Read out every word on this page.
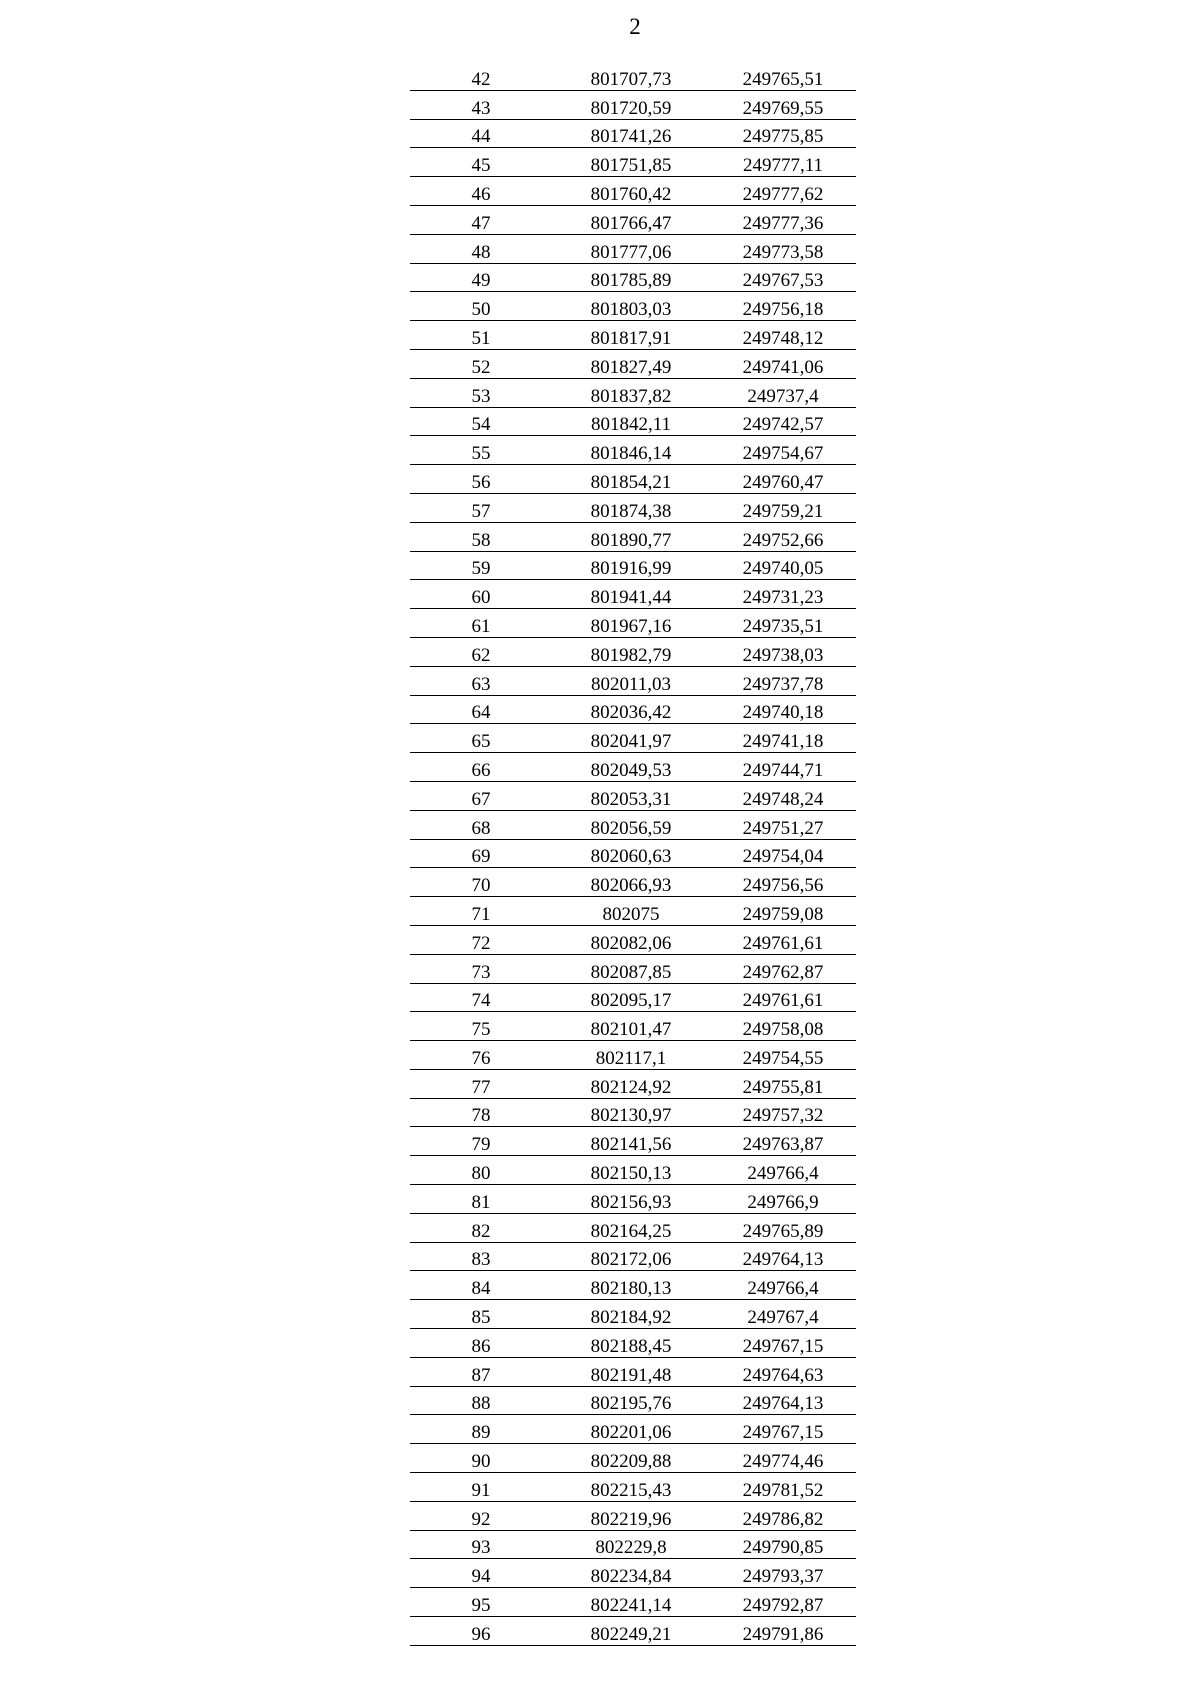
2
42	801707,73	249765,51
43	801720,59	249769,55
44	801741,26	249775,85
45	801751,85	249777,11
46	801760,42	249777,62
47	801766,47	249777,36
48	801777,06	249773,58
49	801785,89	249767,53
50	801803,03	249756,18
51	801817,91	249748,12
52	801827,49	249741,06
53	801837,82	249737,4
54	801842,11	249742,57
55	801846,14	249754,67
56	801854,21	249760,47
57	801874,38	249759,21
58	801890,77	249752,66
59	801916,99	249740,05
60	801941,44	249731,23
61	801967,16	249735,51
62	801982,79	249738,03
63	802011,03	249737,78
64	802036,42	249740,18
65	802041,97	249741,18
66	802049,53	249744,71
67	802053,31	249748,24
68	802056,59	249751,27
69	802060,63	249754,04
70	802066,93	249756,56
71	802075	249759,08
72	802082,06	249761,61
73	802087,85	249762,87
74	802095,17	249761,61
75	802101,47	249758,08
76	802117,1	249754,55
77	802124,92	249755,81
78	802130,97	249757,32
79	802141,56	249763,87
80	802150,13	249766,4
81	802156,93	249766,9
82	802164,25	249765,89
83	802172,06	249764,13
84	802180,13	249766,4
85	802184,92	249767,4
86	802188,45	249767,15
87	802191,48	249764,63
88	802195,76	249764,13
89	802201,06	249767,15
90	802209,88	249774,46
91	802215,43	249781,52
92	802219,96	249786,82
93	802229,8	249790,85
94	802234,84	249793,37
95	802241,14	249792,87
96	802249,21	249791,86
